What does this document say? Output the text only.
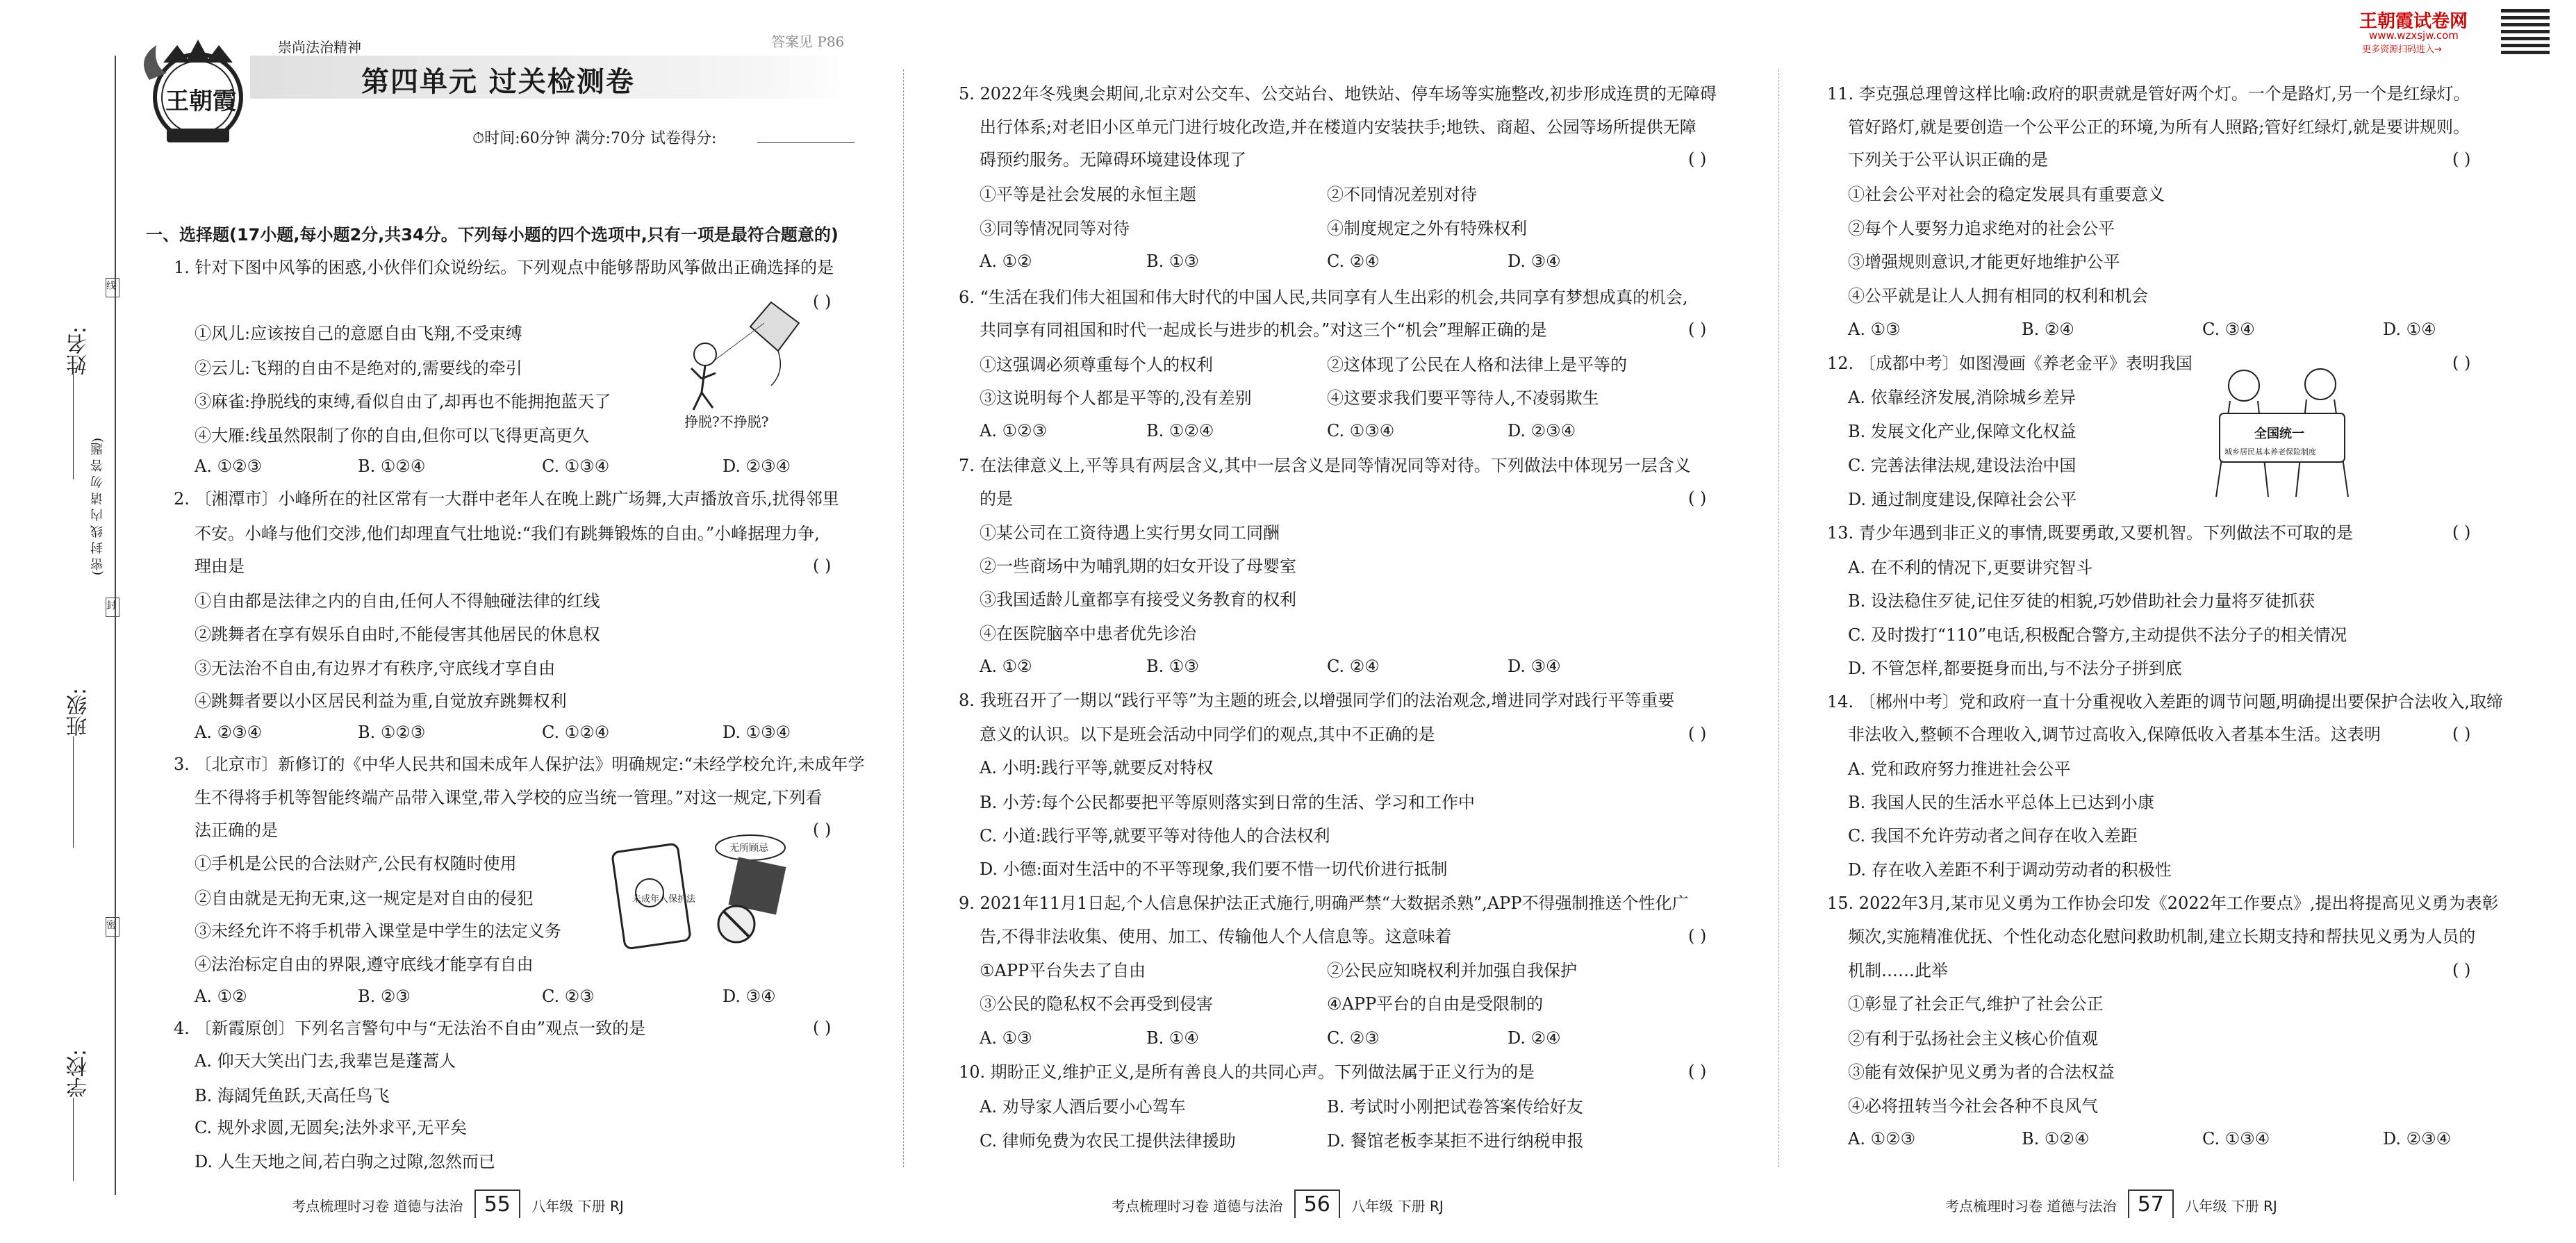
姓名:
班级:
学校:
(密 封 线 内 请 勿 答 题)
线
封
密
王朝霞
崇尚法治精神	答案见 P86
第四单元 过关检测卷
⏱时间:60分钟 满分:70分 试卷得分:
王朝霞试卷网
www.wzxsjw.com
更多资源扫码进入→
一、选择题(17小题,每小题2分,共34分。下列每小题的四个选项中,只有一项是最符合题意的)
1. 针对下图中风筝的困惑,小伙伴们众说纷纭。下列观点中能够帮助风筝做出正确选择的是
( )
①风儿:应该按自己的意愿自由飞翔,不受束缚
②云儿:飞翔的自由不是绝对的,需要线的牵引
③麻雀:挣脱线的束缚,看似自由了,却再也不能拥抱蓝天了
④大雁:线虽然限制了你的自由,但你可以飞得更高更久
A. ①②③	B. ①②④	C. ①③④	D. ②③④
挣脱?不挣脱?
2. 〔湘潭市〕小峰所在的社区常有一大群中老年人在晚上跳广场舞,大声播放音乐,扰得邻里
不安。小峰与他们交涉,他们却理直气壮地说:“我们有跳舞锻炼的自由。”小峰据理力争,
理由是	( )
①自由都是法律之内的自由,任何人不得触碰法律的红线
②跳舞者在享有娱乐自由时,不能侵害其他居民的休息权
③无法治不自由,有边界才有秩序,守底线才享自由
④跳舞者要以小区居民利益为重,自觉放弃跳舞权利
A. ②③④	B. ①②③	C. ①②④	D. ①③④
3. 〔北京市〕新修订的《中华人民共和国未成年人保护法》明确规定:“未经学校允许,未成年学
生不得将手机等智能终端产品带入课堂,带入学校的应当统一管理。”对这一规定,下列看
法正确的是	( )
①手机是公民的合法财产,公民有权随时使用
②自由就是无拘无束,这一规定是对自由的侵犯
③未经允许不将手机带入课堂是中学生的法定义务
④法治标定自由的界限,遵守底线才能享有自由
A. ①②	B. ②③	C. ②③	D. ③④
无所顾忌
未成年人保护法
4. 〔新霞原创〕下列名言警句中与“无法治不自由”观点一致的是	( )
A. 仰天大笑出门去,我辈岂是蓬蒿人
B. 海阔凭鱼跃,天高任鸟飞
C. 规外求圆,无圆矣;法外求平,无平矣
D. 人生天地之间,若白驹之过隙,忽然而已
5. 2022年冬残奥会期间,北京对公交车、公交站台、地铁站、停车场等实施整改,初步形成连贯的无障碍
出行体系;对老旧小区单元门进行坡化改造,并在楼道内安装扶手;地铁、商超、公园等场所提供无障
碍预约服务。无障碍环境建设体现了	( )
①平等是社会发展的永恒主题	②不同情况差别对待
③同等情况同等对待	④制度规定之外有特殊权利
A. ①②	B. ①③	C. ②④	D. ③④
6. “生活在我们伟大祖国和伟大时代的中国人民,共同享有人生出彩的机会,共同享有梦想成真的机会,
共同享有同祖国和时代一起成长与进步的机会。”对这三个“机会”理解正确的是	( )
①这强调必须尊重每个人的权利	②这体现了公民在人格和法律上是平等的
③这说明每个人都是平等的,没有差别	④这要求我们要平等待人,不凌弱欺生
A. ①②③	B. ①②④	C. ①③④	D. ②③④
7. 在法律意义上,平等具有两层含义,其中一层含义是同等情况同等对待。下列做法中体现另一层含义
的是	( )
①某公司在工资待遇上实行男女同工同酬
②一些商场中为哺乳期的妇女开设了母婴室
③我国适龄儿童都享有接受义务教育的权利
④在医院脑卒中患者优先诊治
A. ①②	B. ①③	C. ②④	D. ③④
8. 我班召开了一期以“践行平等”为主题的班会,以增强同学们的法治观念,增进同学对践行平等重要
意义的认识。以下是班会活动中同学们的观点,其中不正确的是	( )
A. 小明:践行平等,就要反对特权
B. 小芳:每个公民都要把平等原则落实到日常的生活、学习和工作中
C. 小道:践行平等,就要平等对待他人的合法权利
D. 小德:面对生活中的不平等现象,我们要不惜一切代价进行抵制
9. 2021年11月1日起,个人信息保护法正式施行,明确严禁“大数据杀熟”,APP不得强制推送个性化广
告,不得非法收集、使用、加工、传输他人个人信息等。这意味着	( )
①APP平台失去了自由	②公民应知晓权利并加强自我保护
③公民的隐私权不会再受到侵害	④APP平台的自由是受限制的
A. ①③	B. ①④	C. ②③	D. ②④
10. 期盼正义,维护正义,是所有善良人的共同心声。下列做法属于正义行为的是	( )
A. 劝导家人酒后要小心驾车	B. 考试时小刚把试卷答案传给好友
C. 律师免费为农民工提供法律援助	D. 餐馆老板李某拒不进行纳税申报
11. 李克强总理曾这样比喻:政府的职责就是管好两个灯。一个是路灯,另一个是红绿灯。
管好路灯,就是要创造一个公平公正的环境,为所有人照路;管好红绿灯,就是要讲规则。
下列关于公平认识正确的是	( )
①社会公平对社会的稳定发展具有重要意义
②每个人要努力追求绝对的社会公平
③增强规则意识,才能更好地维护公平
④公平就是让人人拥有相同的权利和机会
A. ①③	B. ②④	C. ③④	D. ①④
12. 〔成都中考〕如图漫画《养老金平》表明我国	( )
A. 依靠经济发展,消除城乡差异
B. 发展文化产业,保障文化权益
C. 完善法律法规,建设法治中国
D. 通过制度建设,保障社会公平
全国统一
城乡居民基本养老保险制度
13. 青少年遇到非正义的事情,既要勇敢,又要机智。下列做法不可取的是	( )
A. 在不利的情况下,更要讲究智斗
B. 设法稳住歹徒,记住歹徒的相貌,巧妙借助社会力量将歹徒抓获
C. 及时拨打“110”电话,积极配合警方,主动提供不法分子的相关情况
D. 不管怎样,都要挺身而出,与不法分子拼到底
14. 〔郴州中考〕党和政府一直十分重视收入差距的调节问题,明确提出要保护合法收入,取缔
非法收入,整顿不合理收入,调节过高收入,保障低收入者基本生活。这表明	( )
A. 党和政府努力推进社会公平
B. 我国人民的生活水平总体上已达到小康
C. 我国不允许劳动者之间存在收入差距
D. 存在收入差距不利于调动劳动者的积极性
15. 2022年3月,某市见义勇为工作协会印发《2022年工作要点》,提出将提高见义勇为表彰
频次,实施精准优抚、个性化动态化慰问救助机制,建立长期支持和帮扶见义勇为人员的
机制……此举	( )
①彰显了社会正气,维护了社会公正
②有利于弘扬社会主义核心价值观
③能有效保护见义勇为者的合法权益
④必将扭转当今社会各种不良风气
A. ①②③	B. ①②④	C. ①③④	D. ②③④
考点梳理时习卷 道德与法治 55 八年级 下册 RJ	考点梳理时习卷 道德与法治 56 八年级 下册 RJ	考点梳理时习卷 道德与法治 57 八年级 下册 RJ
